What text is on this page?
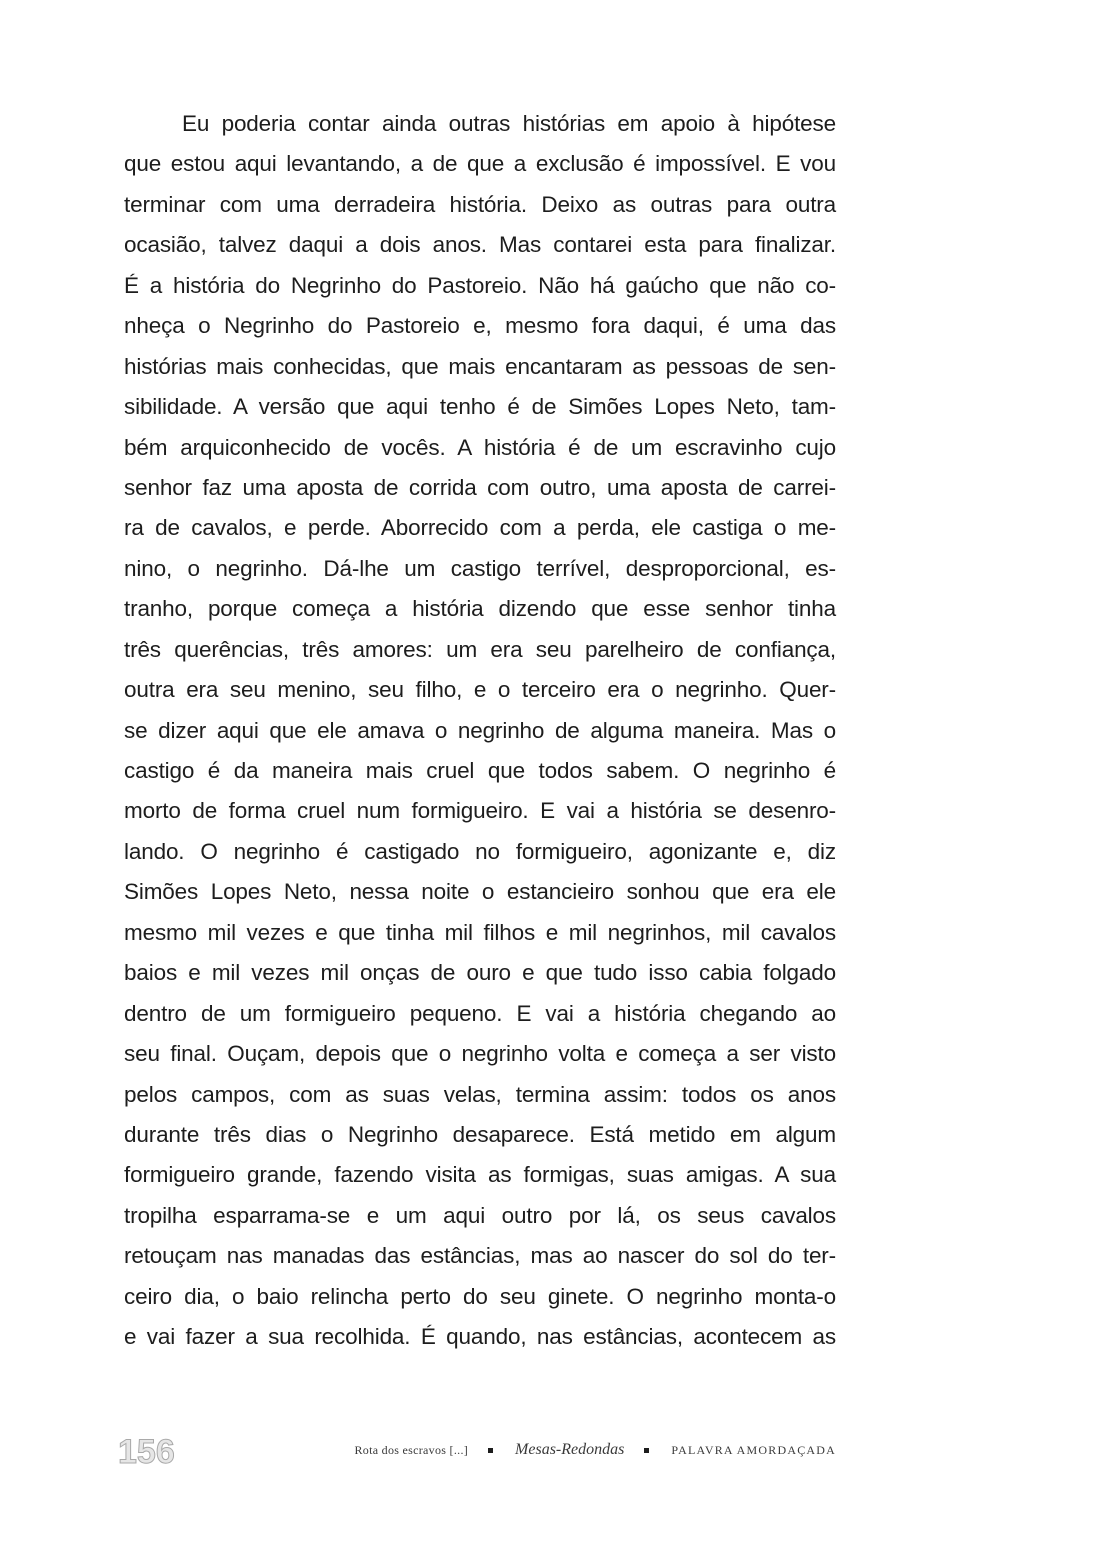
Eu poderia contar ainda outras histórias em apoio à hipótese
que estou aqui levantando, a de que a exclusão é impossível. E vou
terminar com uma derradeira história. Deixo as outras para outra
ocasião, talvez daqui a dois anos. Mas contarei esta para finalizar.
É a história do Negrinho do Pastoreio. Não há gaúcho que não co-
nheça o Negrinho do Pastoreio e, mesmo fora daqui, é uma das
histórias mais conhecidas, que mais encantaram as pessoas de sen-
sibilidade. A versão que aqui tenho é de Simões Lopes Neto, tam-
bém arquiconhecido de vocês. A história é de um escravinho cujo
senhor faz uma aposta de corrida com outro, uma aposta de carrei-
ra de cavalos, e perde. Aborrecido com a perda, ele castiga o me-
nino, o negrinho. Dá-lhe um castigo terrível, desproporcional, es-
tranho, porque começa a história dizendo que esse senhor tinha
três querências, três amores: um era seu parelheiro de confiança,
outra era seu menino, seu filho, e o terceiro era o negrinho. Quer-
se dizer aqui que ele amava o negrinho de alguma maneira. Mas o
castigo é da maneira mais cruel que todos sabem. O negrinho é
morto de forma cruel num formigueiro. E vai a história se desenro-
lando. O negrinho é castigado no formigueiro, agonizante e, diz
Simões Lopes Neto, nessa noite o estancieiro sonhou que era ele
mesmo mil vezes e que tinha mil filhos e mil negrinhos, mil cavalos
baios e mil vezes mil onças de ouro e que tudo isso cabia folgado
dentro de um formigueiro pequeno. E vai a história chegando ao
seu final. Ouçam, depois que o negrinho volta e começa a ser visto
pelos campos, com as suas velas, termina assim: todos os anos
durante três dias o Negrinho desaparece. Está metido em algum
formigueiro grande, fazendo visita as formigas, suas amigas. A sua
tropilha esparrama-se e um aqui outro por lá, os seus cavalos
retouçam nas manadas das estâncias, mas ao nascer do sol do ter-
ceiro dia, o baio relincha perto do seu ginete. O negrinho monta-o
e vai fazer a sua recolhida. É quando, nas estâncias, acontecem as
156	Rota dos escravos [...]	Mesas-Redondas	PALAVRA AMORDAÇADA
